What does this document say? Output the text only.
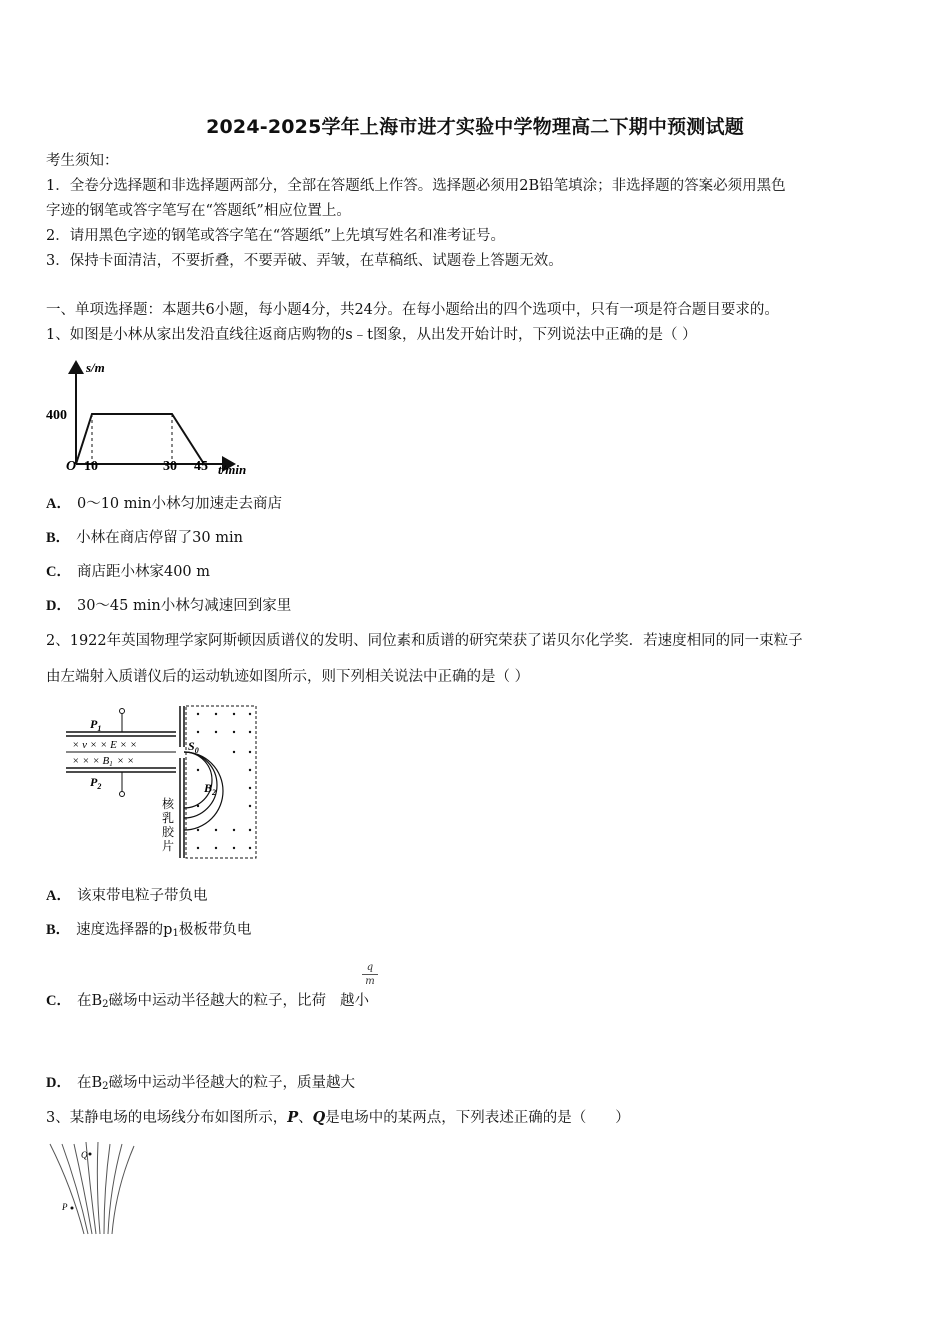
2024-2025学年上海市进才实验中学物理高二下期中预测试题
考生须知：
1．全卷分选择题和非选择题两部分，全部在答题纸上作答。选择题必须用2B铅笔填涂；非选择题的答案必须用黑色
字迹的钢笔或答字笔写在“答题纸”相应位置上。
2．请用黑色字迹的钢笔或答字笔在“答题纸”上先填写姓名和准考证号。
3．保持卡面清洁，不要折叠，不要弄破、弄皱，在草稿纸、试题卷上答题无效。
一、单项选择题：本题共6小题，每小题4分，共24分。在每小题给出的四个选项中，只有一项是符合题目要求的。
1、如图是小林从家出发沿直线往返商店购物的s﹣t图象，从出发开始计时，下列说法中正确的是（ ）
s/m
400
O 10	30 45 t/min
A． 0～10 min小林匀加速走去商店
B． 小林在商店停留了30 min
C． 商店距小林家400 m
D． 30～45 min小林匀减速回到家里
2、1922年英国物理学家阿斯顿因质谱仪的发明、同位素和质谱的研究荣获了诺贝尔化学奖．若速度相同的同一束粒子
由左端射入质谱仪后的运动轨迹如图所示，则下列相关说法中正确的是（ ）
$P_1$
$P_2$
× v × × E × ×
× × × B1 × ×
$S_0$
$B_2$
核
乳
胶
片
A． 该束带电粒子带负电
B． 速度选择器的$p_1$极板带负电
q
m
C． 在$B_2$磁场中运动半径越大的粒子，比荷 越小
D． 在$B_2$磁场中运动半径越大的粒子，质量越大
3、某静电场的电场线分布如图所示，P、Q是电场中的某两点，下列表述正确的是（　　）
Q
P
